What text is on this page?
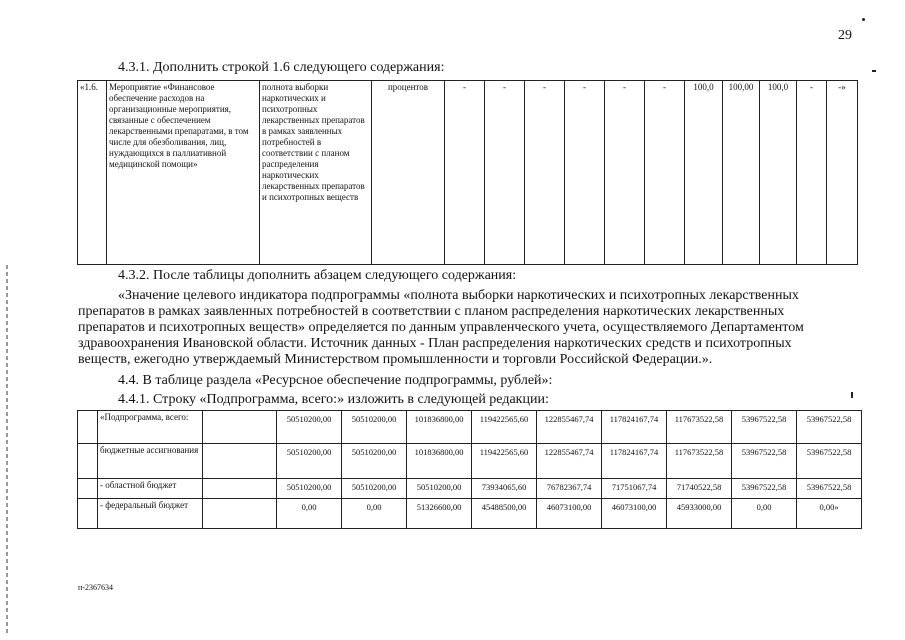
29
4.3.1. Дополнить строкой 1.6 следующего содержания:
«1.6.	Мероприятие «Финансовое обеспечение расходов на организационные мероприятия, связанные с обеспечением лекарственными препаратами, в том числе для обезболивания, лиц, нуждающихся в паллиативной медицинской помощи»	полнота выборки наркотических и психотропных лекарственных препаратов в рамках заявленных потребностей в соответствии с планом распределения наркотических лекарственных препаратов и психотропных веществ	процентов	-	-	-	-	-	-	100,0	100,00	100,0	-	-»
4.3.2. После таблицы дополнить абзацем следующего содержания:
«Значение целевого индикатора подпрограммы «полнота выборки наркотических и психотропных лекарственных
препаратов в рамках заявленных потребностей в соответствии с планом распределения наркотических лекарственных
препаратов и психотропных веществ» определяется по данным управленческого учета, осуществляемого Департаментом
здравоохранения Ивановской области. Источник данных - План распределения наркотических средств и психотропных
веществ, ежегодно утверждаемый Министерством промышленности и торговли Российской Федерации.».
4.4. В таблице раздела «Ресурсное обеспечение подпрограммы, рублей»:
4.4.1. Строку «Подпрограмма, всего:» изложить в следующей редакции:
	«Подпрограмма, всего:		50510200,00	50510200,00	101836800,00	119422565,60	122855467,74	117824167,74	117673522,58	53967522,58	53967522,58
	бюджетные ассигнования		50510200,00	50510200,00	101836800,00	119422565,60	122855467,74	117824167,74	117673522,58	53967522,58	53967522,58
	- областной бюджет		50510200,00	50510200,00	50510200,00	73934065,60	76782367,74	71751067,74	71740522,58	53967522,58	53967522,58
	- федеральный бюджет		0,00	0,00	51326600,00	45488500,00	46073100,00	46073100,00	45933000,00	0,00	0,00»
п-2367634
